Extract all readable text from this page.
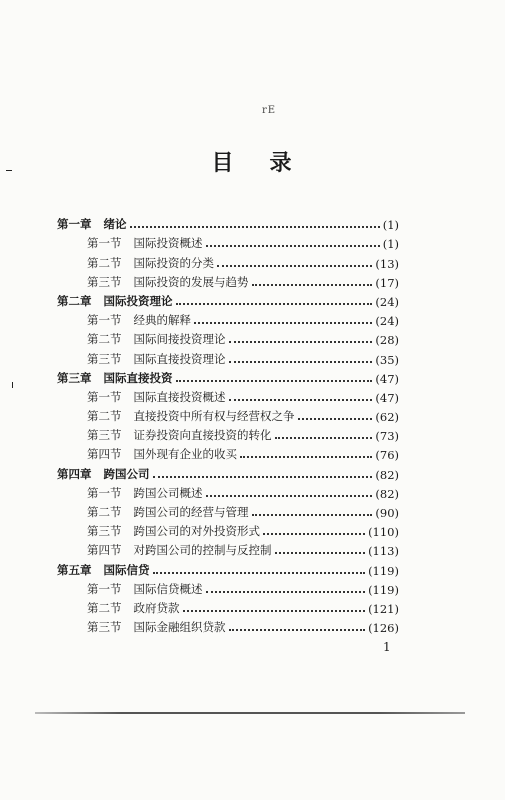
rE
目 录
第一章 绪论	(1)
第一节 国际投资概述	(1)
第二节 国际投资的分类	(13)
第三节 国际投资的发展与趋势	(17)
第二章 国际投资理论	(24)
第一节 经典的解释	(24)
第二节 国际间接投资理论	(28)
第三节 国际直接投资理论	(35)
第三章 国际直接投资	(47)
第一节 国际直接投资概述	(47)
第二节 直接投资中所有权与经营权之争	(62)
第三节 证券投资向直接投资的转化	(73)
第四节 国外现有企业的收买	(76)
第四章 跨国公司	(82)
第一节 跨国公司概述	(82)
第二节 跨国公司的经营与管理	(90)
第三节 跨国公司的对外投资形式	(110)
第四节 对跨国公司的控制与反控制	(113)
第五章 国际信贷	(119)
第一节 国际信贷概述	(119)
第二节 政府贷款	(121)
第三节 国际金融组织贷款	(126)
1
